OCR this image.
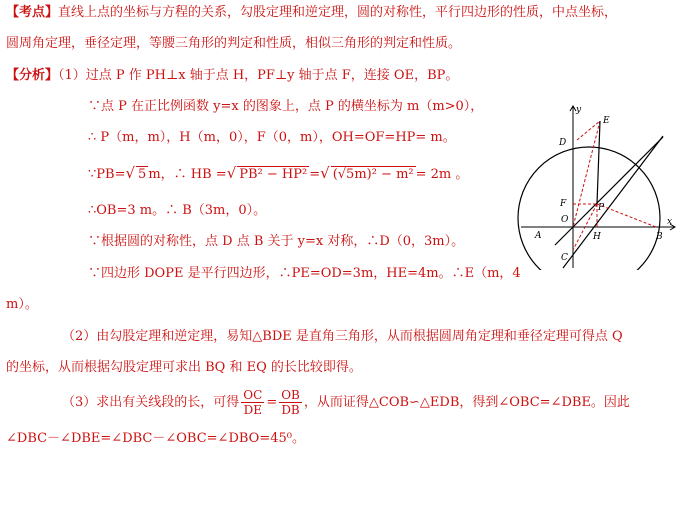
【考点】直线上点的坐标与方程的关系，勾股定理和逆定理，圆的对称性，平行四边形的性质，中点坐标，
圆周角定理，垂径定理，等腰三角形的判定和性质，相似三角形的判定和性质。
【分析】（1）过点 P 作 PH⊥x 轴于点 H，PF⊥y 轴于点 F，连接 OE，BP。
∵点 P 在正比例函数 y=x 的图象上，点 P 的横坐标为 m（m>0），
∴ P（m，m），H（m，0），F（0，m），OH=OF=HP= m。
∵PB=√ 5 m，∴ HB =√ PB² − HP² =√ (√5m)² − m² = 2m 。
∴OB=3 m。∴ B（3m，0）。
∵根据圆的对称性，点 D 点 B 关于 y=x 对称，∴D（0，3m）。
∵四边形 DOPE 是平行四边形，∴PE=OD=3m，HE=4m。∴E（m，4
m）。
（2）由勾股定理和逆定理，易知△BDE 是直角三角形，从而根据圆周角定理和垂径定理可得点 Q
的坐标，从而根据勾股定理可求出 BQ 和 EQ 的长比较即得。
（3）求出有关线段的长，可得 $\frac{OC}{DE} = \frac{OB}{DB}$ ，从而证得△COB∽△EDB，得到∠OBC=∠DBE。因此
∠DBC－∠DBE=∠DBC－∠OBC=∠DBO=45⁰。
y
x
D
E
F
O
P
A	H	B
C
